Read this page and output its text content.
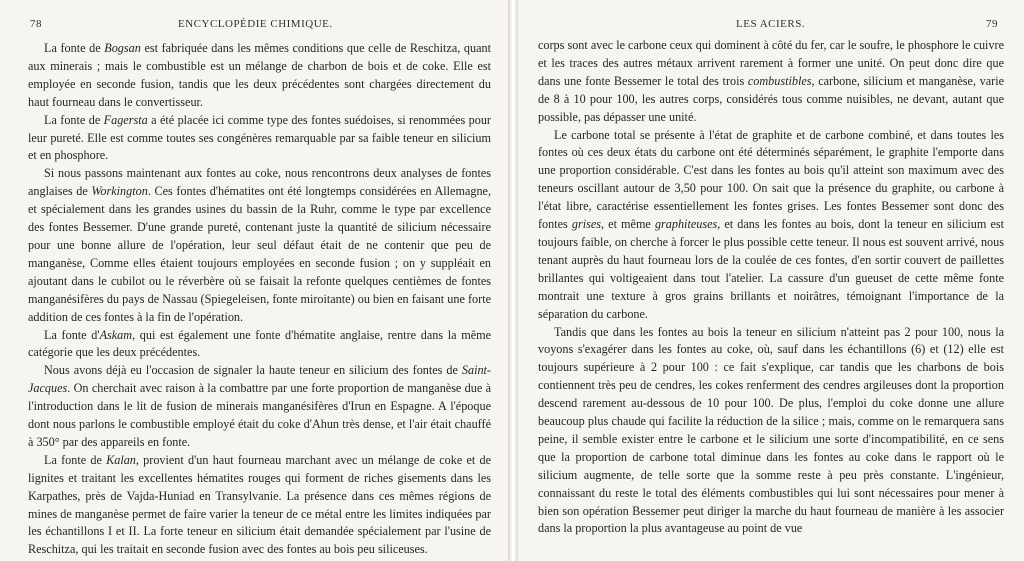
78	ENCYCLOPÉDIE CHIMIQUE.

La fonte de Bogsan est fabriquée dans les mêmes conditions que celle de Reschitza, quant aux minerais ; mais le combustible est un mélange de charbon de bois et de coke. Elle est employée en seconde fusion, tandis que les deux précédentes sont chargées directement du haut fourneau dans le convertisseur.

La fonte de Fagersta a été placée ici comme type des fontes suédoises, si renommées pour leur pureté. Elle est comme toutes ses congénères remarquable par sa faible teneur en silicium et en phosphore.

Si nous passons maintenant aux fontes au coke, nous rencontrons deux analyses de fontes anglaises de Workington. Ces fontes d'hématites ont été longtemps considérées en Allemagne, et spécialement dans les grandes usines du bassin de la Ruhr, comme le type par excellence des fontes Bessemer. D'une grande pureté, contenant juste la quantité de silicium nécessaire pour une bonne allure de l'opération, leur seul défaut était de ne contenir que peu de manganèse, Comme elles étaient toujours employées en seconde fusion ; on y suppléait en ajoutant dans le cubilot ou le réverbère où se faisait la refonte quelques centièmes de fontes manganésifères du pays de Nassau (Spiegeleisen, fonte miroitante) ou bien en faisant une forte addition de ces fontes à la fin de l'opération.

La fonte d'Askam, qui est également une fonte d'hématite anglaise, rentre dans la même catégorie que les deux précédentes.

Nous avons déjà eu l'occasion de signaler la haute teneur en silicium des fontes de Saint-Jacques. On cherchait avec raison à la combattre par une forte proportion de manganèse due à l'introduction dans le lit de fusion de minerais manganésifères d'Irun en Espagne. A l'époque dont nous parlons le combustible employé était du coke d'Ahun très dense, et l'air était chauffé à 350° par des appareils en fonte.

La fonte de Kalan, provient d'un haut fourneau marchant avec un mélange de coke et de lignites et traitant les excellentes hématites rouges qui forment de riches gisements dans les Karpathes, près de Vajda-Huniad en Transylvanie. La présence dans ces mêmes régions de mines de manganèse permet de faire varier la teneur de ce métal entre les limites indiquées par les échantillons I et II. La forte teneur en silicium était demandée spécialement par l'usine de Reschitza, qui les traitait en seconde fusion avec des fontes au bois peu siliceuses.

LES ACIERS.	79

corps sont avec le carbone ceux qui dominent à côté du fer, car le soufre, le phosphore le cuivre et les traces des autres métaux arrivent rarement à former une unité. On peut donc dire que dans une fonte Bessemer le total des trois combustibles, carbone, silicium et manganèse, varie de 8 à 10 pour 100, les autres corps, considérés tous comme nuisibles, ne devant, autant que possible, pas dépasser une unité.

Le carbone total se présente à l'état de graphite et de carbone combiné, et dans toutes les fontes où ces deux états du carbone ont été déterminés séparément, le graphite l'emporte dans une proportion considérable. C'est dans les fontes au bois qu'il atteint son maximum avec des teneurs oscillant autour de 3,50 pour 100. On sait que la présence du graphite, ou carbone à l'état libre, caractérise essentiellement les fontes grises. Les fontes Bessemer sont donc des fontes grises, et même graphiteuses, et dans les fontes au bois, dont la teneur en silicium est toujours faible, on cherche à forcer le plus possible cette teneur. Il nous est souvent arrivé, nous tenant auprès du haut fourneau lors de la coulée de ces fontes, d'en sortir couvert de paillettes brillantes qui voltigeaient dans tout l'atelier. La cassure d'un gueuset de cette même fonte montrait une texture à gros grains brillants et noirâtres, témoignant l'importance de la séparation du carbone.

Tandis que dans les fontes au bois la teneur en silicium n'atteint pas 2 pour 100, nous la voyons s'exagérer dans les fontes au coke, où, sauf dans les échantillons (6) et (12) elle est toujours supérieure à 2 pour 100 : ce fait s'explique, car tandis que les charbons de bois contiennent très peu de cendres, les cokes renferment des cendres argileuses dont la proportion descend rarement au-dessous de 10 pour 100. De plus, l'emploi du coke donne une allure beaucoup plus chaude qui facilite la réduction de la silice ; mais, comme on le remarquera sans peine, il semble exister entre le carbone et le silicium une sorte d'incompatibilité, en ce sens que la proportion de carbone total diminue dans les fontes au coke dans le rapport où le silicium augmente, de telle sorte que la somme reste à peu près constante. L'ingénieur, connaissant du reste le total des éléments combustibles qui lui sont nécessaires pour mener à bien son opération Bessemer peut diriger la marche du haut fourneau de manière à les associer dans la proportion la plus avantageuse au point de vue
